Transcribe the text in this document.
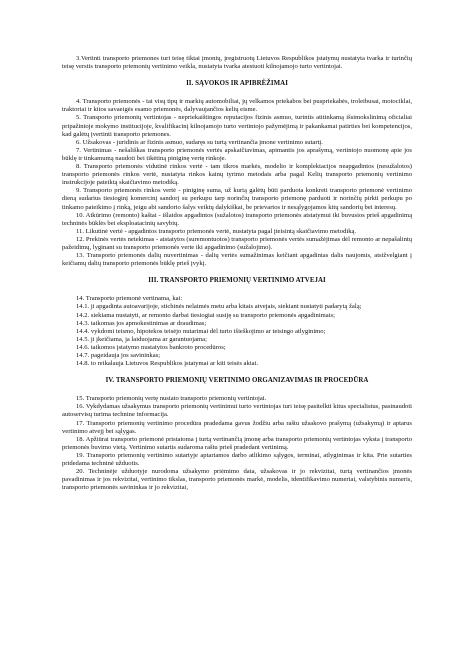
3.Vertinti transporto priemones turi teisę tiktai įmonių, įregistruotų Lietuvos Respublikos įstatymų nustatyta tvarka ir turinčių teisę verstis transporto priemonių vertinimo veikla, nustatyta tvarka atestuoti kilnojamojo turto vertintojai.

II. SĄVOKOS IR APIBRĖŽIMAI

4. Transporto priemonės - tai visų tipų ir markių automobiliai, jų velkamos priekabos bei puspriekabės, troleibusai, motociklai, traktoriai ir kitos savaeigės esamo priemonės, dalyvaujančios kelių eisme.

5. Transporto priemonių vertintojas - nepriekaištingos reputacijos fizinis asmuo, turintis atitinkamą išsimokslinimą oficialiai pripažintoje mokymo institucijoje, kvalifikacinį kilnojamojo turto vertintojo pažymėjimą ir pakankamai patirties bei kompetencijos, kad galėtų įvertinti transporto priemones.

6. Užsakovas - juridinis ar fizinis asmuo, sudaręs su turtą vertinančia įmone vertinimo sutartį.

7. Vertinimas - nešališkas transporto priemonės vertės apskaičiavimas, apimantis jos aprašymą, vertintojo nuomonę apie jos būklę ir tinkamumą naudoti bei tikėtiną piniginę vertę rinkoje.

8. Transporto priemonės vidutinė rinkos vertė - tam tikros markės, modelio ir komplektacijos neapgadintos (nesužalotos) transporto priemonės rinkos vertė, nustatyta rinkos kainų tyrimo metodais arba pagal Kelių transporto priemonių vertinimo instrukcijoje pateiktą skaičiavimo metodiką.

9. Transporto priemonės rinkos vertė - piniginę suma, už kurią galėtų būti parduota konkreti transporto priemonė vertinimo dieną sudarius tiesioginį komercinį sandorį su perkupu tarp norinčių transporto priemonę parduoti ir norinčių pirkti perkupu po tinkamo pateikimo į rinką, jeigu abi sandorio šalys veiktų dalykiškai, be prievartos ir nesąlygojamos kitų sandorių bei interesų.

10. Atkūrimo (remonto) kaštai - išlaidos apgadintos (sužalotos) transporto priemonės atstatymui iki buvusios prieš apgadinimą techninės būklės bei eksploatacinių savybių.

11. Likutinė vertė - apgadintos transporto priemonės vertė, nustatyta pagal įteisintą skaičiavimo metodiką.

12. Prekinės vertės netekimas - atstatytos (suremontuotos) transporto priemonės vertės sumažėjimas dėl remonto ar nepašalintų pažeidimų, lyginant su transporto priemonės verte iki apgadinimo (sužalojimo).

13. Transporto priemonės dalių nuvertinimas - dalių vertės sumažinimas keičiant apgadintas dalis naujomis, atsižvelgiant į keičiamų dalių transporto priemonės būklę prieš įvykį.

III. TRANSPORTO PRIEMONIŲ VERTINIMO ATVEJAI

14. Transporto priemonė vertinama, kai:

14.1. ji apgadinta autoavarijoje, stichinės nelaimės metu arba kitais atvejais, siekiant nustatyti padarytą žalą;

14.2. siekiama nustatyti, ar remonto darbai tiesiogiai susiję su transporto priemonės apgadinimais;

14.3. taikomas jos apmokestinimas ar draudimas;

14.4. vykdomi teismo, hipotekos teisėjo nutarimai dėl turto išieškojimo ar teisingo atlyginimo;

14.5. ji įkeičiama, ja laiduojama ar garantuojama;

14.6. taikomos įstatymo nustatytos bankroto procedūros;

14.7. pageidauja jos savininkas;

14.8. to reikalauja Lietuvos Respublikos įstatymai ar kiti teisės aktai.

IV. TRANSPORTO PRIEMONIŲ VERTINIMO ORGANIZAVIMAS IR PROCEDŪRA

15. Transporto priemonių vertę nustato transporto priemonių vertintojai.

16. Vykdydamas užsakymus transporto priemonių vertinimui turto vertintojas turi teisę pasitelkti kitus specialistus, pasinaudoti autoservisų turima technine informacija.

17. Transporto priemonių vertinimo procedūra pradedama gavus žodžiu arba raštu užsakovo prašymą (užsakymą) ir aptarus vertinimo atvejį bei sąlygas.

18. Apžiūrai transporto priemonė pristatoma į turtą vertinančią įmonę arba transporto priemonių vertintojas vyksta į transporto priemonės buvimo vietą. Vertinimo sutartis sudaroma raštu prieš pradedant vertinimą.

19. Transporto priemonių vertinimo sutartyje aptariamos darbo atlikimo sąlygos, terminai, atlyginimas ir kita. Prie sutarties pridedama techninė užduotis.

20. Techninėje užduotyje nurodoma užsakymo priėmimo data, užsakovas ir jo rekvizitai, turtą vertinančios įmonės pavadinimas ir jos rekvizitai, vertinimo tikslas, transporto priemonės markė, modelis, identifikavimo numeriai, valstybinis numeris, transporto priemonės savininkas ir jo rekvizitai,
